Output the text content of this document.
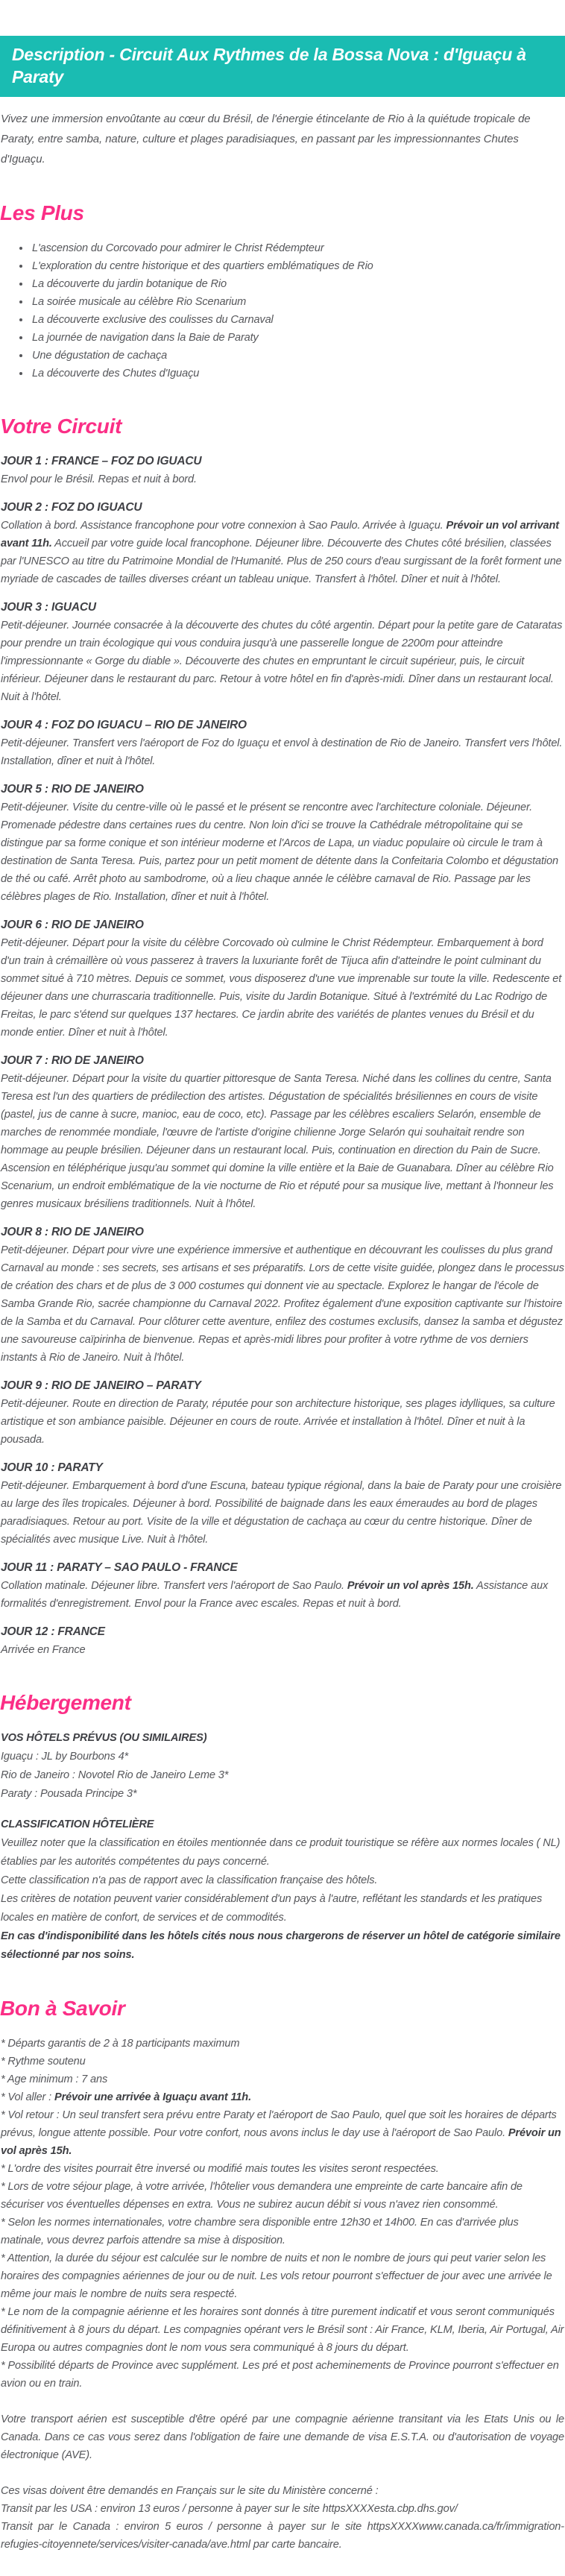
Description - Circuit Aux Rythmes de la Bossa Nova : d'Iguaçu à Paraty

Vivez une immersion envoûtante au cœur du Brésil, de l'énergie étincelante de Rio à la quiétude tropicale de Paraty, entre samba, nature, culture et plages paradisiaques, en passant par les impressionnantes Chutes d'Iguaçu.

Les Plus
• L'ascension du Corcovado pour admirer le Christ Rédempteur
• L'exploration du centre historique et des quartiers emblématiques de Rio
• La découverte du jardin botanique de Rio
• La soirée musicale au célèbre Rio Scenarium
• La découverte exclusive des coulisses du Carnaval
• La journée de navigation dans la Baie de Paraty
• Une dégustation de cachaça
• La découverte des Chutes d'Iguaçu
Votre Circuit
JOUR 1 : FRANCE – FOZ DO IGUACU

Envol pour le Brésil. Repas et nuit à bord.

JOUR 2 : FOZ DO IGUACU

Collation à bord. Assistance francophone pour votre connexion à Sao Paulo. Arrivée à Iguaçu. Prévoir un vol arrivant avant 11h. Accueil par votre guide local francophone. Déjeuner libre. Découverte des Chutes côté brésilien, classées par l'UNESCO au titre du Patrimoine Mondial de l'Humanité. Plus de 250 cours d'eau surgissant de la forêt forment une myriade de cascades de tailles diverses créant un tableau unique. Transfert à l'hôtel. Dîner et nuit à l'hôtel.

JOUR 3 : IGUACU

Petit-déjeuner. Journée consacrée à la découverte des chutes du côté argentin. Départ pour la petite gare de Cataratas pour prendre un train écologique qui vous conduira jusqu'à une passerelle longue de 2200m pour atteindre l'impressionnante « Gorge du diable ». Découverte des chutes en empruntant le circuit supérieur, puis, le circuit inférieur. Déjeuner dans le restaurant du parc. Retour à votre hôtel en fin d'après-midi. Dîner dans un restaurant local. Nuit à l'hôtel.

JOUR 4 : FOZ DO IGUACU – RIO DE JANEIRO

Petit-déjeuner. Transfert vers l'aéroport de Foz do Iguaçu et envol à destination de Rio de Janeiro. Transfert vers l'hôtel. Installation, dîner et nuit à l'hôtel.

JOUR 5 : RIO DE JANEIRO

Petit-déjeuner. Visite du centre-ville où le passé et le présent se rencontre avec l'architecture coloniale. Déjeuner. Promenade pédestre dans certaines rues du centre. Non loin d'ici se trouve la Cathédrale métropolitaine qui se distingue par sa forme conique et son intérieur moderne et l'Arcos de Lapa, un viaduc populaire où circule le tram à destination de Santa Teresa. Puis, partez pour un petit moment de détente dans la Confeitaria Colombo et dégustation de thé ou café. Arrêt photo au sambodrome, où a lieu chaque année le célèbre carnaval de Rio. Passage par les célèbres plages de Rio. Installation, dîner et nuit à l'hôtel.

JOUR 6 : RIO DE JANEIRO

Petit-déjeuner. Départ pour la visite du célèbre Corcovado où culmine le Christ Rédempteur. Embarquement à bord d'un train à crémaillère où vous passerez à travers la luxuriante forêt de Tijuca afin d'atteindre le point culminant du sommet situé à 710 mètres. Depuis ce sommet, vous disposerez d'une vue imprenable sur toute la ville. Redescente et déjeuner dans une churrascaria traditionnelle. Puis, visite du Jardin Botanique. Situé à l'extrémité du Lac Rodrigo de Freitas, le parc s'étend sur quelques 137 hectares. Ce jardin abrite des variétés de plantes venues du Brésil et du monde entier. Dîner et nuit à l'hôtel.

JOUR 7 : RIO DE JANEIRO

Petit-déjeuner. Départ pour la visite du quartier pittoresque de Santa Teresa. Niché dans les collines du centre, Santa Teresa est l'un des quartiers de prédilection des artistes. Dégustation de spécialités brésiliennes en cours de visite (pastel, jus de canne à sucre, manioc, eau de coco, etc). Passage par les célèbres escaliers Selarón, ensemble de marches de renommée mondiale, l'œuvre de l'artiste d'origine chilienne Jorge Selarón qui souhaitait rendre son hommage au peuple brésilien. Déjeuner dans un restaurant local. Puis, continuation en direction du Pain de Sucre. Ascension en téléphérique jusqu'au sommet qui domine la ville entière et la Baie de Guanabara. Dîner au célèbre Rio Scenarium, un endroit emblématique de la vie nocturne de Rio et réputé pour sa musique live, mettant à l'honneur les genres musicaux brésiliens traditionnels. Nuit à l'hôtel.

JOUR 8 : RIO DE JANEIRO

Petit-déjeuner. Départ pour vivre une expérience immersive et authentique en découvrant les coulisses du plus grand Carnaval au monde : ses secrets, ses artisans et ses préparatifs. Lors de cette visite guidée, plongez dans le processus de création des chars et de plus de 3 000 costumes qui donnent vie au spectacle. Explorez le hangar de l'école de Samba Grande Rio, sacrée championne du Carnaval 2022. Profitez également d'une exposition captivante sur l'histoire de la Samba et du Carnaval. Pour clôturer cette aventure, enfilez des costumes exclusifs, dansez la samba et dégustez une savoureuse caïpirinha de bienvenue. Repas et après-midi libres pour profiter à votre rythme de vos derniers instants à Rio de Janeiro. Nuit à l'hôtel.

JOUR 9 : RIO DE JANEIRO – PARATY

Petit-déjeuner. Route en direction de Paraty, réputée pour son architecture historique, ses plages idylliques, sa culture artistique et son ambiance paisible. Déjeuner en cours de route. Arrivée et installation à l'hôtel. Dîner et nuit à la pousada.

JOUR 10 : PARATY

Petit-déjeuner. Embarquement à bord d'une Escuna, bateau typique régional, dans la baie de Paraty pour une croisière au large des îles tropicales. Déjeuner à bord. Possibilité de baignade dans les eaux émeraudes au bord de plages paradisiaques. Retour au port. Visite de la ville et dégustation de cachaça au cœur du centre historique. Dîner de spécialités avec musique Live. Nuit à l'hôtel.

JOUR 11 : PARATY – SAO PAULO - FRANCE

Collation matinale. Déjeuner libre. Transfert vers l'aéroport de Sao Paulo. Prévoir un vol après 15h. Assistance aux formalités d'enregistrement. Envol pour la France avec escales. Repas et nuit à bord.

JOUR 12 : FRANCE

Arrivée en France

Hébergement
VOS HÔTELS PRÉVUS (OU SIMILAIRES)
Iguaçu : JL by Bourbons 4*
Rio de Janeiro : Novotel Rio de Janeiro Leme 3*
Paraty : Pousada Principe 3*
CLASSIFICATION HÔTELIÈRE
Veuillez noter que la classification en étoiles mentionnée dans ce produit touristique se réfère aux normes locales ( NL) établies par les autorités compétentes du pays concerné.
Cette classification n'a pas de rapport avec la classification française des hôtels.
Les critères de notation peuvent varier considérablement d'un pays à l'autre, reflétant les standards et les pratiques locales en matière de confort, de services et de commodités.
En cas d'indisponibilité dans les hôtels cités nous nous chargerons de réserver un hôtel de catégorie similaire sélectionné par nos soins.
Bon à Savoir
* Départs garantis de 2 à 18 participants maximum
* Rythme soutenu
* Age minimum : 7 ans
* Vol aller : Prévoir une arrivée à Iguaçu avant 11h.
* Vol retour : Un seul transfert sera prévu entre Paraty et l'aéroport de Sao Paulo, quel que soit les horaires de départs prévus, longue attente possible. Pour votre confort, nous avons inclus le day use à l'aéroport de Sao Paulo. Prévoir un vol après 15h.
* L'ordre des visites pourrait être inversé ou modifié mais toutes les visites seront respectées.
* Lors de votre séjour plage, à votre arrivée, l'hôtelier vous demandera une empreinte de carte bancaire afin de sécuriser vos éventuelles dépenses en extra. Vous ne subirez aucun débit si vous n'avez rien consommé.
* Selon les normes internationales, votre chambre sera disponible entre 12h30 et 14h00. En cas d'arrivée plus matinale, vous devrez parfois attendre sa mise à disposition.
* Attention, la durée du séjour est calculée sur le nombre de nuits et non le nombre de jours qui peut varier selon les horaires des compagnies aériennes de jour ou de nuit. Les vols retour pourront s'effectuer de jour avec une arrivée le même jour mais le nombre de nuits sera respecté.
* Le nom de la compagnie aérienne et les horaires sont donnés à titre purement indicatif et vous seront communiqués définitivement à 8 jours du départ. Les compagnies opérant vers le Brésil sont : Air France, KLM, Iberia, Air Portugal, Air Europa ou autres compagnies dont le nom vous sera communiqué à 8 jours du départ.
* Possibilité départs de Province avec supplément. Les pré et post acheminements de Province pourront s'effectuer en avion ou en train.
Votre transport aérien est susceptible d'être opéré par une compagnie aérienne transitant via les Etats Unis ou le Canada. Dans ce cas vous serez dans l'obligation de faire une demande de visa E.S.T.A. ou d'autorisation de voyage électronique (AVE).
Ces visas doivent être demandés en Français sur le site du Ministère concerné :
Transit par les USA : environ 13 euros / personne à payer sur le site httpsXXXXesta.cbp.dhs.gov/
Transit par le Canada : environ 5 euros / personne à payer sur le site httpsXXXXwww.canada.ca/fr/immigration-refugies-citoyennete/services/visiter-canada/ave.html par carte bancaire.
